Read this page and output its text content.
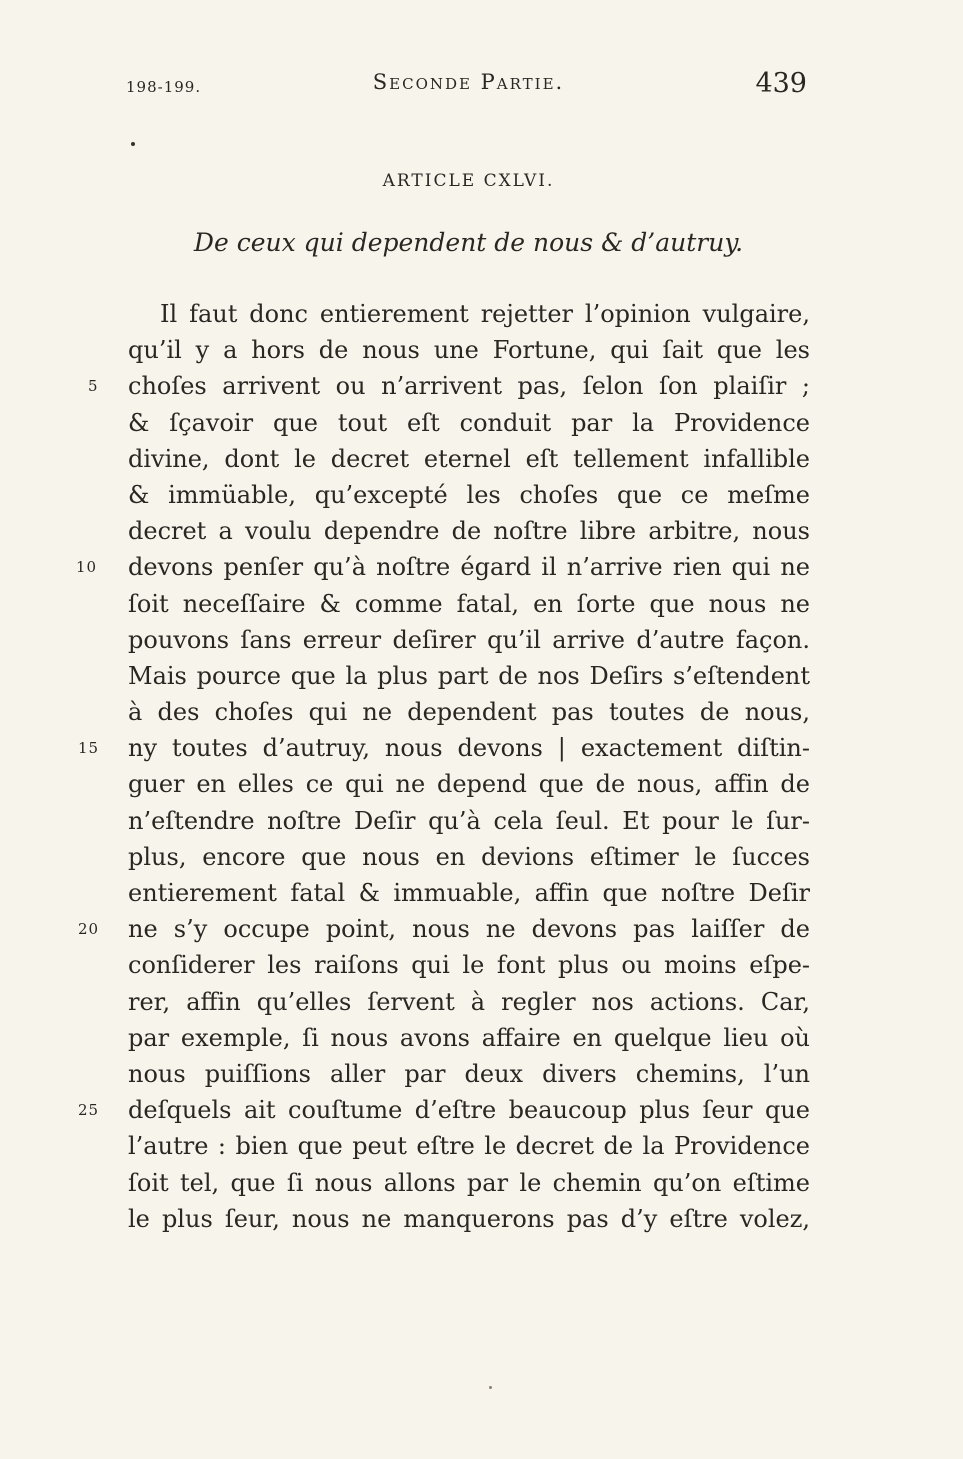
198-199.	Seconde Partie.	439
ARTICLE CXLVI.
De ceux qui dependent de nous & d’autruy.
5
10
15
20
25
Il faut donc entierement rejetter l’opinion vulgaire,
qu’il y a hors de nous une Fortune, qui ſait que les
choſes arrivent ou n’arrivent pas, ſelon ſon plaiſir ;
& ſçavoir que tout eſt conduit par la Providence
divine, dont le decret eternel eſt tellement infallible
& immüable, qu’excepté les choſes que ce meſme
decret a voulu dependre de noſtre libre arbitre, nous
devons penſer qu’à noſtre égard il n’arrive rien qui ne
ſoit neceſſaire & comme fatal, en ſorte que nous ne
pouvons ſans erreur deſirer qu’il arrive d’autre façon.
Mais pource que la plus part de nos Deſirs s’eſtendent
à des choſes qui ne dependent pas toutes de nous,
ny toutes d’autruy, nous devons | exactement diſtin-
guer en elles ce qui ne depend que de nous, affin de
n’eſtendre noſtre Deſir qu’à cela ſeul. Et pour le ſur-
plus, encore que nous en devions eſtimer le ſucces
entierement fatal & immuable, affin que noſtre Deſir
ne s’y occupe point, nous ne devons pas laiſſer de
conſiderer les raiſons qui le font plus ou moins eſpe-
rer, affin qu’elles ſervent à regler nos actions. Car,
par exemple, ſi nous avons affaire en quelque lieu où
nous puiſſions aller par deux divers chemins, l’un
deſquels ait couſtume d’eſtre beaucoup plus ſeur que
l’autre : bien que peut eſtre le decret de la Providence
ſoit tel, que ſi nous allons par le chemin qu’on eſtime
le plus ſeur, nous ne manquerons pas d’y eſtre volez,
